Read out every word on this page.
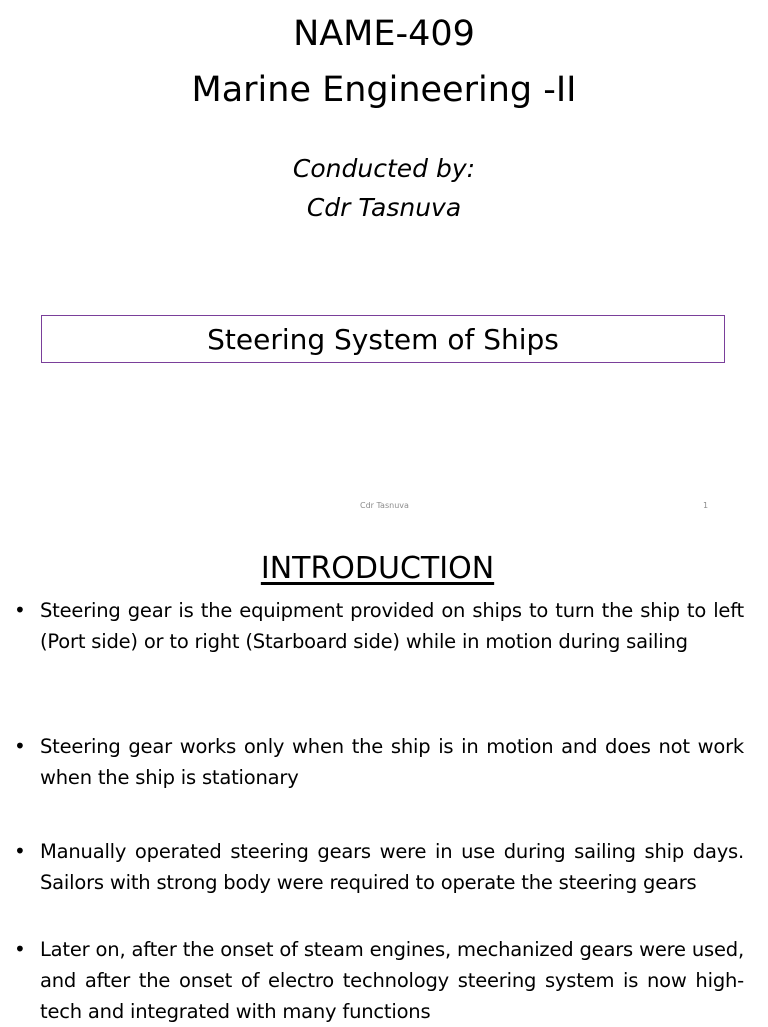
NAME-409
Marine Engineering -II
Conducted by:
Cdr Tasnuva
Steering System of Ships
Cdr Tasnuva	1
INTRODUCTION
• Steering gear is the equipment provided on ships to turn the ship to left (Port side) or to right (Starboard side) while in motion during sailing
• Steering gear works only when the ship is in motion and does not work when the ship is stationary
• Manually operated steering gears were in use during sailing ship days. Sailors with strong body were required to operate the steering gears
• Later on, after the onset of steam engines, mechanized gears were used, and after the onset of electro technology steering system is now high-tech and integrated with many functions
